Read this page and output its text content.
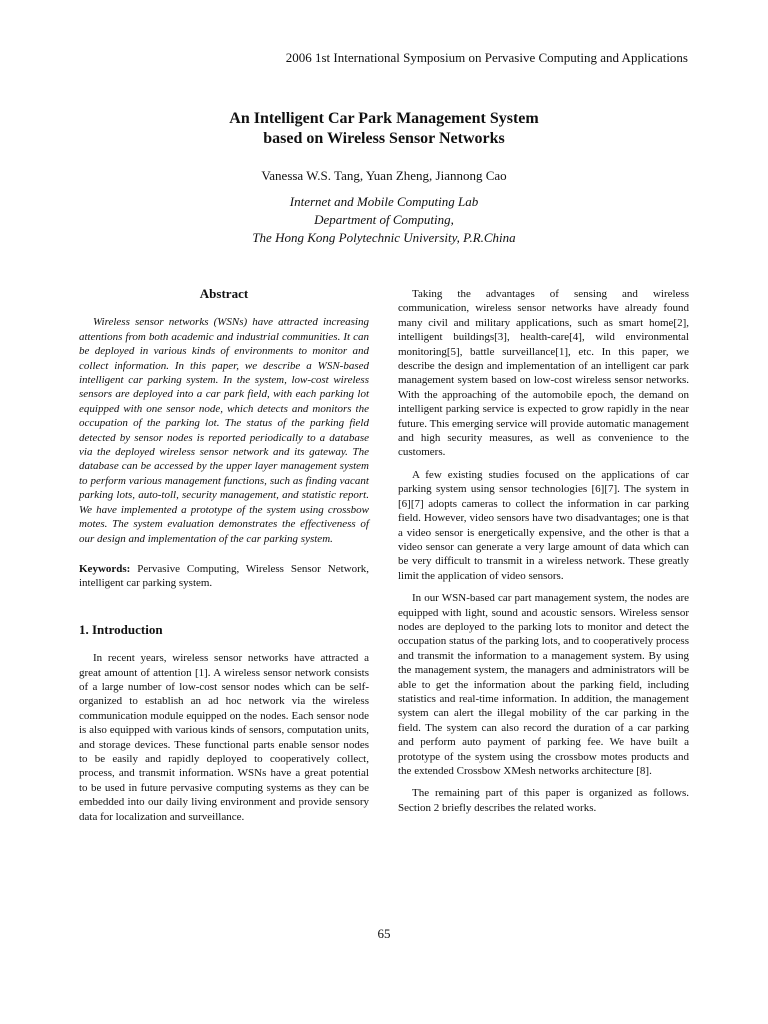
2006 1st International Symposium on Pervasive Computing and Applications
An Intelligent Car Park Management System
based on Wireless Sensor Networks
Vanessa W.S. Tang, Yuan Zheng, Jiannong Cao
Internet and Mobile Computing Lab
Department of Computing,
The Hong Kong Polytechnic University, P.R.China
Abstract

Wireless sensor networks (WSNs) have attracted increasing attentions from both academic and industrial communities. It can be deployed in various kinds of environments to monitor and collect information. In this paper, we describe a WSN-based intelligent car parking system. In the system, low-cost wireless sensors are deployed into a car park field, with each parking lot equipped with one sensor node, which detects and monitors the occupation of the parking lot. The status of the parking field detected by sensor nodes is reported periodically to a database via the deployed wireless sensor network and its gateway. The database can be accessed by the upper layer management system to perform various management functions, such as finding vacant parking lots, auto-toll, security management, and statistic report. We have implemented a prototype of the system using crossbow motes. The system evaluation demonstrates the effectiveness of our design and implementation of the car parking system.

Keywords: Pervasive Computing, Wireless Sensor Network, intelligent car parking system.

1. Introduction

In recent years, wireless sensor networks have attracted a great amount of attention [1]. A wireless sensor network consists of a large number of low-cost sensor nodes which can be self-organized to establish an ad hoc network via the wireless communication module equipped on the nodes. Each sensor node is also equipped with various kinds of sensors, computation units, and storage devices. These functional parts enable sensor nodes to be easily and rapidly deployed to cooperatively collect, process, and transmit information. WSNs have a great potential to be used in future pervasive computing systems as they can be embedded into our daily living environment and provide sensory data for localization and surveillance.

Taking the advantages of sensing and wireless communication, wireless sensor networks have already found many civil and military applications, such as smart home[2], intelligent buildings[3], health-care[4], wild environmental monitoring[5], battle surveillance[1], etc. In this paper, we describe the design and implementation of an intelligent car park management system based on low-cost wireless sensor networks. With the approaching of the automobile epoch, the demand on intelligent parking service is expected to grow rapidly in the near future. This emerging service will provide automatic management and high security measures, as well as convenience to the customers.

A few existing studies focused on the applications of car parking system using sensor technologies [6][7]. The system in [6][7] adopts cameras to collect the information in car parking field. However, video sensors have two disadvantages; one is that a video sensor is energetically expensive, and the other is that a video sensor can generate a very large amount of data which can be very difficult to transmit in a wireless network. These greatly limit the application of video sensors.

In our WSN-based car part management system, the nodes are equipped with light, sound and acoustic sensors. Wireless sensor nodes are deployed to the parking lots to monitor and detect the occupation status of the parking lots, and to cooperatively process and transmit the information to a management system. By using the management system, the managers and administrators will be able to get the information about the parking field, including statistics and real-time information. In addition, the management system can alert the illegal mobility of the car parking in the field. The system can also record the duration of a car parking and perform auto payment of parking fee. We have built a prototype of the system using the crossbow motes products and the extended Crossbow XMesh networks architecture [8].

The remaining part of this paper is organized as follows. Section 2 briefly describes the related works.

65
